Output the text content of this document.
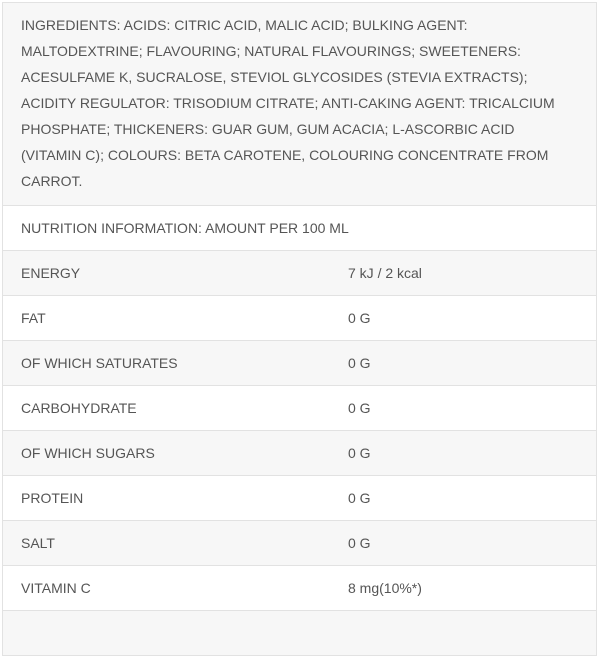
INGREDIENTS: ACIDS: CITRIC ACID, MALIC ACID; BULKING AGENT: MALTODEXTRINE; FLAVOURING; NATURAL FLAVOURINGS; SWEETENERS: ACESULFAME K, SUCRALOSE, STEVIOL GLYCOSIDES (STEVIA EXTRACTS); ACIDITY REGULATOR: TRISODIUM CITRATE; ANTI-CAKING AGENT: TRICALCIUM PHOSPHATE; THICKENERS: GUAR GUM, GUM ACACIA; L-ASCORBIC ACID (VITAMIN C); COLOURS: BETA CAROTENE, COLOURING CONCENTRATE FROM CARROT.
NUTRITION INFORMATION: AMOUNT PER 100 ML
ENERGY	7 kJ / 2 kcal
FAT	0 G
OF WHICH SATURATES	0 G
CARBOHYDRATE	0 G
OF WHICH SUGARS	0 G
PROTEIN	0 G
SALT	0 G
VITAMIN C	8 mg(10%*)
